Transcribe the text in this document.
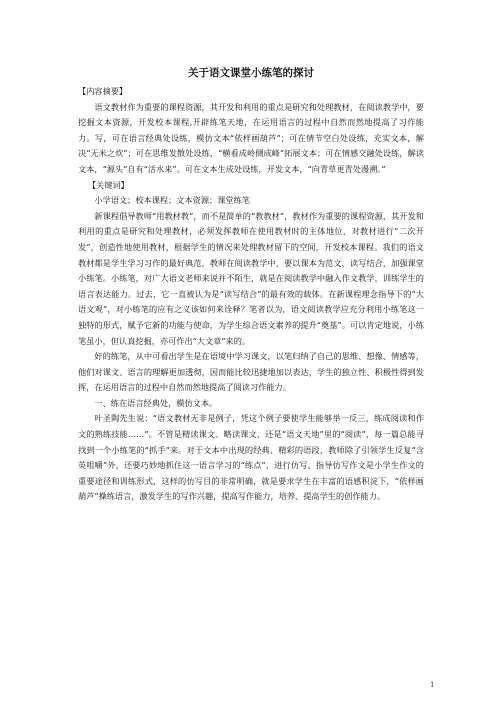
关于语文课堂小练笔的探讨
【内容摘要】

语文教材作为重要的课程资源，其开发和利用的重点是研究和处理教材，在阅读教学中，要挖掘文本资源，开发校本课程,开辟练笔天地，在运用语言的过程中自然而然地提高了习作能力。写，可在语言经典处设练，模仿文本“依样画葫芦”；可在情节空白处设练，充实文本，解决“无米之炊”；可在思维发散处设练，“横看成岭侧成峰”拓展文本；可在情感交融处设练，解读文本，“源头”自有“活水来”。可在文本生成处设练，开发文本，“向青草更青处漫溯。”

【关键词】

小学语文；校本课程；文本资源；课堂练笔

新课程倡导教师“用教材教”，而不是简单的“教教材”，教材作为重要的课程资源，其开发和利用的重点是研究和处理教材，必须发挥教师在使用教材时的主体地位，对教材进行“二次开发”，创造性地使用教材，根据学生的情况来处理教材留下的空间，开发校本课程。我们的语文教材都是学生学习习作的最好典范，教师在阅读教学中，要以课本为范文，读写结合，加强课堂小练笔。小练笔，对广大语文老师来说并不陌生，就是在阅读教学中融入作文教学，训练学生的语言表达能力。过去，它一直被认为是“读写结合”的最有效的载体。在新课程理念指导下的“大语文观”，对小练笔的应有之义该如何来诠释？笔者以为，语文阅读教学应充分利用小练笔这一独特的形式，赋予它新的功能与使命，为学生综合语文素养的提升“奠基”。可以肯定地说，小练笔虽小，但认真挖掘，亦可作出“大文章”来的。

好的练笔，从中可看出学生是在语境中学习课文，以笔归纳了自己的思维、想像、情感等，他们对课文、语言的理解更加透彻，因而能比较迅捷地加以表达，学生的独立性、积极性得到发挥，在运用语言的过程中自然而然地提高了阅读习作能力。

一、练在语言经典处，模仿文本。

叶圣陶先生说：“语文教材无非是例子，凭这个例子要使学生能够举一反三，练成阅读和作文的熟练技能……”。不管是精读课文、略读课文，还是“语文天地”里的“阅读”，每一篇总能寻找到一个小练笔的“抓手”来。对于文本中出现的经典、精彩的语段，教师除了引领学生反复“含英咀嚼”外，还要巧妙地抓住这一语言学习的“练点”，进行仿写。指导仿写作文是小学生作文的重要途径和训练形式，这样的仿写目的非常明确，就是要求学生在丰富的语感积淀下，“依样画葫芦”操练语言，激发学生的写作兴趣，提高写作能力，培养、提高学生的创作能力。

1
